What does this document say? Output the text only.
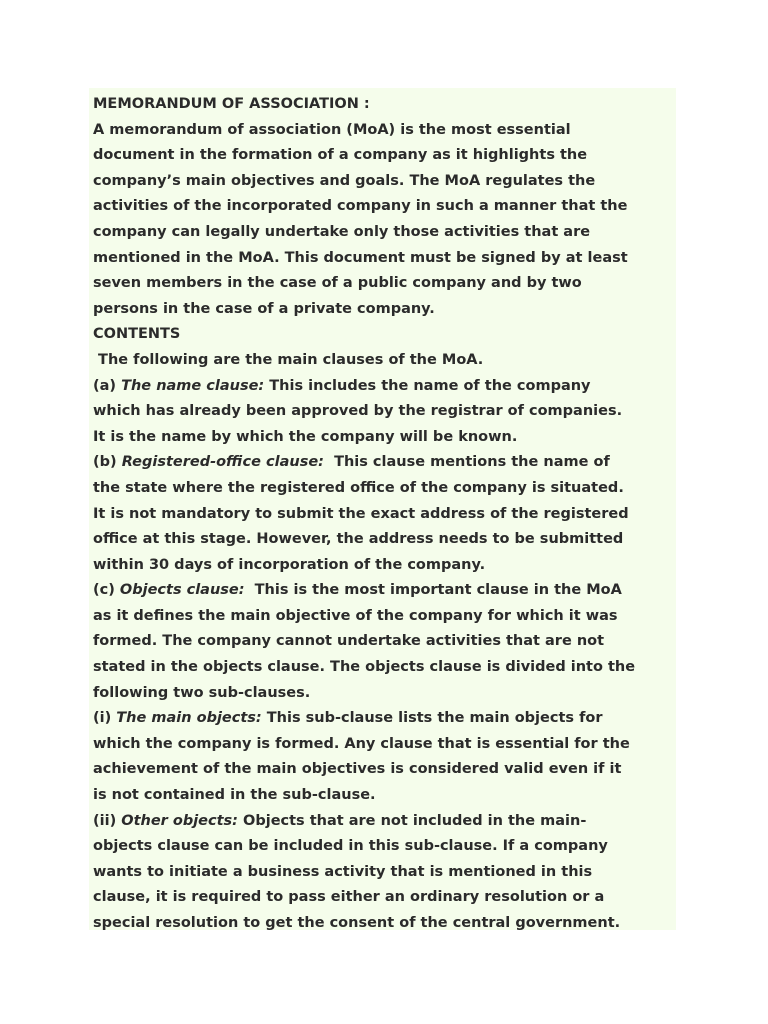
MEMORANDUM OF ASSOCIATION :
A memorandum of association (MoA) is the most essential
document in the formation of a company as it highlights the
company’s main objectives and goals. The MoA regulates the
activities of the incorporated company in such a manner that the
company can legally undertake only those activities that are
mentioned in the MoA. This document must be signed by at least
seven members in the case of a public company and by two
persons in the case of a private company.
CONTENTS
The following are the main clauses of the MoA.
(a) The name clause: This includes the name of the company
which has already been approved by the registrar of companies.
It is the name by which the company will be known.
(b) Registered-office clause:  This clause mentions the name of
the state where the registered office of the company is situated.
It is not mandatory to submit the exact address of the registered
office at this stage. However, the address needs to be submitted
within 30 days of incorporation of the company.
(c) Objects clause:  This is the most important clause in the MoA
as it defines the main objective of the company for which it was
formed. The company cannot undertake activities that are not
stated in the objects clause. The objects clause is divided into the
following two sub-clauses.
(i) The main objects: This sub-clause lists the main objects for
which the company is formed. Any clause that is essential for the
achievement of the main objectives is considered valid even if it
is not contained in the sub-clause.
(ii) Other objects: Objects that are not included in the main-
objects clause can be included in this sub-clause. If a company
wants to initiate a business activity that is mentioned in this
clause, it is required to pass either an ordinary resolution or a
special resolution to get the consent of the central government.
